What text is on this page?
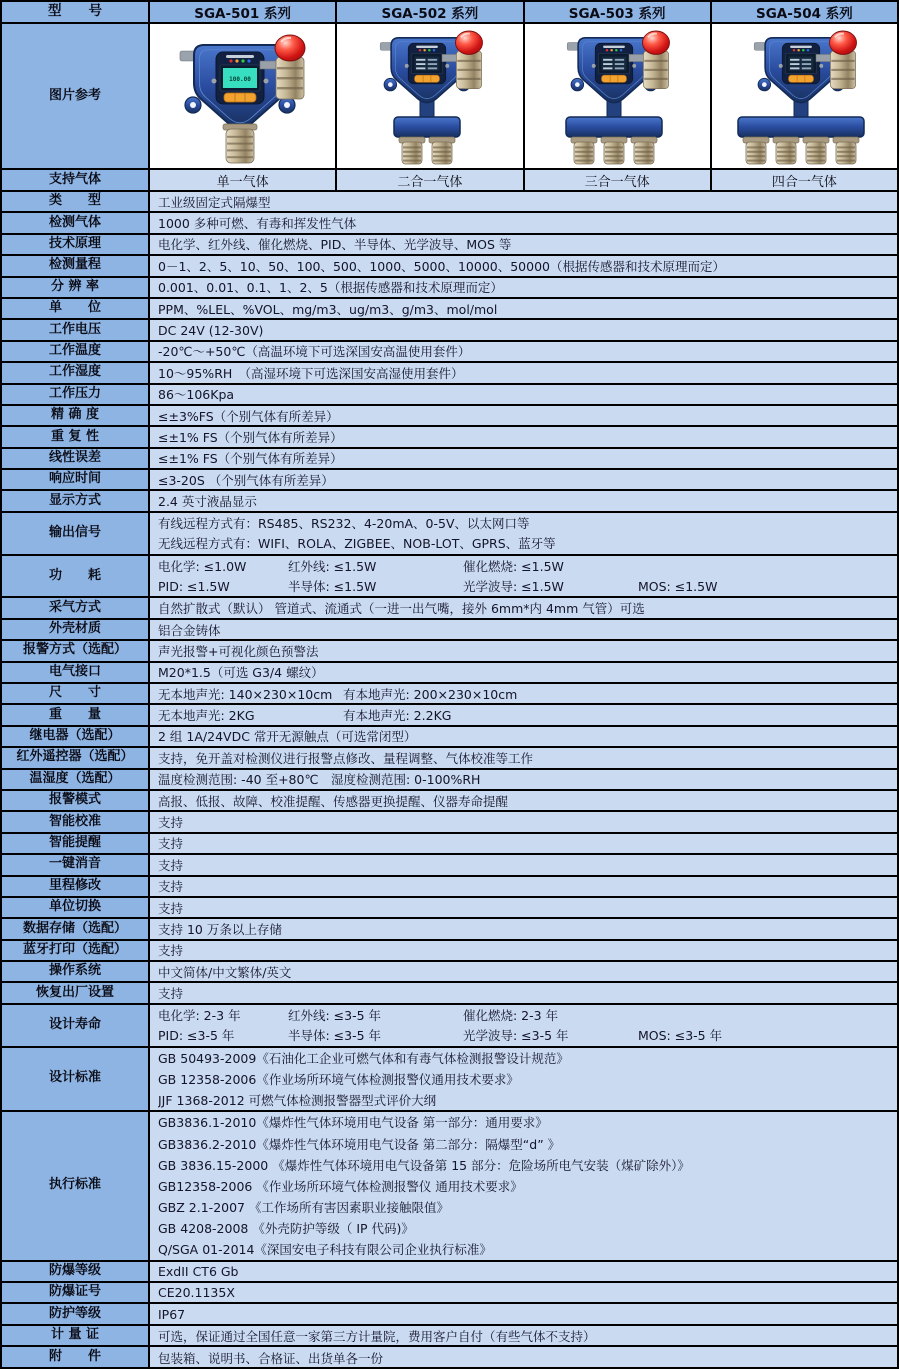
型　　号	SGA-501 系列	SGA-502 系列	SGA-503 系列	SGA-504 系列
图片参考
100.00
支持气体	单一气体	二合一气体	三合一气体	四合一气体
类　　型	工业级固定式隔爆型
检测气体	1000 多种可燃、有毒和挥发性气体
技术原理	电化学、红外线、催化燃烧、PID、半导体、光学波导、MOS 等
检测量程	0－1、2、5、10、50、100、500、1000、5000、10000、50000（根据传感器和技术原理而定）
分 辨 率	0.001、0.01、0.1、1、2、5（根据传感器和技术原理而定）
单　　位	PPM、%LEL、%VOL、mg/m3、ug/m3、g/m3、mol/mol
工作电压	DC 24V (12-30V)
工作温度	-20℃～+50℃（高温环境下可选深国安高温使用套件）
工作湿度	10～95%RH　（高湿环境下可选深国安高湿使用套件）
工作压力	86～106Kpa
精 确 度	≤±3%FS（个别气体有所差异）
重 复 性	≤±1% FS（个别气体有所差异）
线性误差	≤±1% FS（个别气体有所差异）
响应时间	≤3-20S （个别气体有所差异）
显示方式	2.4 英寸液晶显示
输出信号
有线远程方式有：RS485、RS232、4-20mA、0-5V、以太网口等
无线远程方式有：WIFI、ROLA、ZIGBEE、NOB-LOT、GPRS、蓝牙等
功　　耗
电化学: ≤1.0W	红外线: ≤1.5W	催化燃烧: ≤1.5W
PID: ≤1.5W	半导体: ≤1.5W	光学波导: ≤1.5W	MOS: ≤1.5W
采气方式	自然扩散式（默认） 管道式、流通式（一进一出气嘴，接外 6mm*内 4mm 气管）可选
外壳材质	铝合金铸体
报警方式（选配）	声光报警+可视化颜色预警法
电气接口	M20*1.5（可选 G3/4 螺纹）
尺　　寸	无本地声光: 140×230×10cm 有本地声光: 200×230×10cm
重　　量	无本地声光: 2KG	有本地声光: 2.2KG
继电器（选配）	2 组 1A/24VDC 常开无源触点（可选常闭型）
红外遥控器（选配）	支持，免开盖对检测仪进行报警点修改、量程调整、气体校准等工作
温湿度（选配）	温度检测范围: -40 至+80℃　湿度检测范围: 0-100%RH
报警模式	高报、低报、故障、校准提醒、传感器更换提醒、仪器寿命提醒
智能校准	支持
智能提醒	支持
一键消音	支持
里程修改	支持
单位切换	支持
数据存储（选配）	支持 10 万条以上存储
蓝牙打印（选配）	支持
操作系统	中文简体/中文繁体/英文
恢复出厂设置	支持
设计寿命
电化学: 2-3 年	红外线: ≤3-5 年	催化燃烧: 2-3 年
PID: ≤3-5 年	半导体: ≤3-5 年	光学波导: ≤3-5 年	MOS: ≤3-5 年
设计标准
GB 50493-2009《石油化工企业可燃气体和有毒气体检测报警设计规范》
GB 12358-2006《作业场所环境气体检测报警仪通用技术要求》
JJF 1368-2012 可燃气体检测报警器型式评价大纲
执行标准
GB3836.1-2010《爆炸性气体环境用电气设备 第一部分：通用要求》
GB3836.2-2010《爆炸性气体环境用电气设备 第二部分：隔爆型“d” 》
GB 3836.15-2000 《爆炸性气体环境用电气设备第 15 部分：危险场所电气安装（煤矿除外）》
GB12358-2006 《作业场所环境气体检测报警仪 通用技术要求》
GBZ 2.1-2007 《工作场所有害因素职业接触限值》
GB 4208-2008 《外壳防护等级（ IP 代码)》
Q/SGA 01-2014《深国安电子科技有限公司企业执行标准》
防爆等级	ExdII CT6 Gb
防爆证号	CE20.1135X
防护等级	IP67
计 量 证	可选，保证通过全国任意一家第三方计量院，费用客户自付（有些气体不支持）
附　　件	包装箱、说明书、合格证、出货单各一份
